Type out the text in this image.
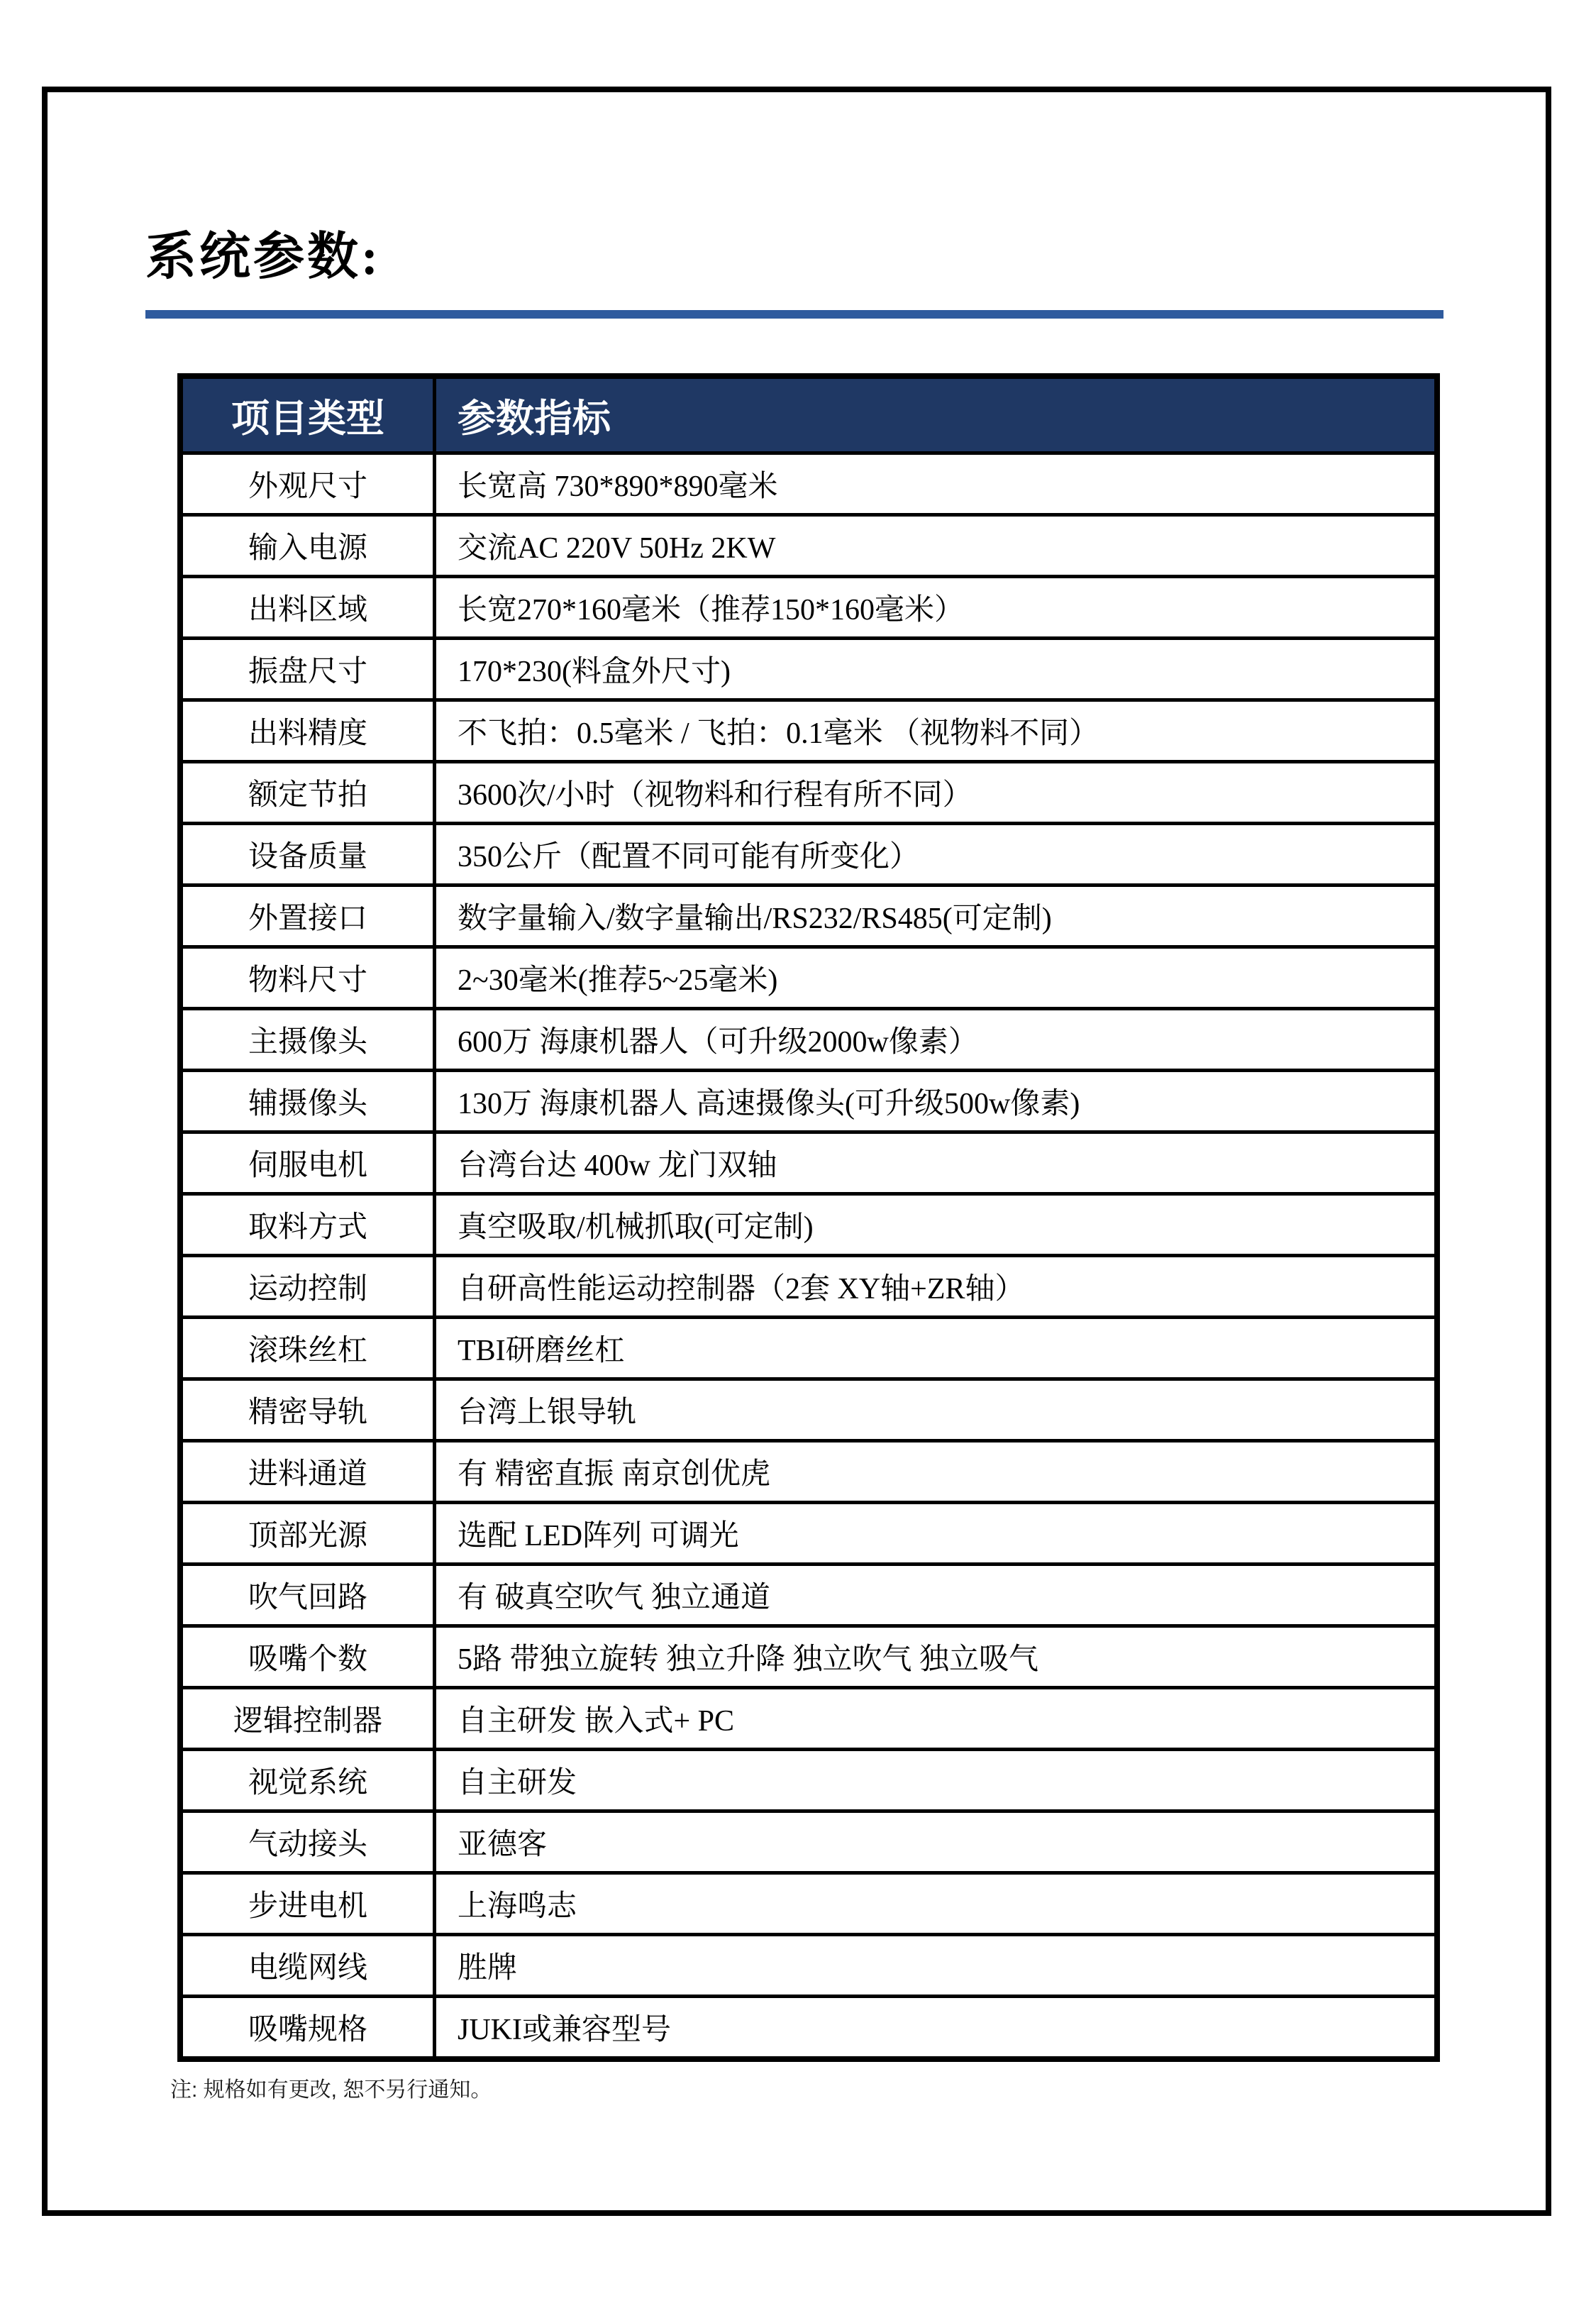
系统参数:
项目类型	参数指标
外观尺寸	长宽高 730*890*890毫米
输入电源	交流AC 220V 50Hz 2KW
出料区域	长宽270*160毫米（推荐150*160毫米）
振盘尺寸	170*230(料盒外尺寸)
出料精度	不飞拍：0.5毫米 / 飞拍：0.1毫米 （视物料不同）
额定节拍	3600次/小时（视物料和行程有所不同）
设备质量	350公斤（配置不同可能有所变化）
外置接口	数字量输入/数字量输出/RS232/RS485(可定制)
物料尺寸	2~30毫米(推荐5~25毫米)
主摄像头	600万 海康机器人（可升级2000w像素）
辅摄像头	130万 海康机器人 高速摄像头(可升级500w像素)
伺服电机	台湾台达 400w 龙门双轴
取料方式	真空吸取/机械抓取(可定制)
运动控制	自研高性能运动控制器（2套 XY轴+ZR轴）
滚珠丝杠	TBI研磨丝杠
精密导轨	台湾上银导轨
进料通道	有 精密直振 南京创优虎
顶部光源	选配 LED阵列 可调光
吹气回路	有 破真空吹气 独立通道
吸嘴个数	5路 带独立旋转 独立升降 独立吹气 独立吸气
逻辑控制器	自主研发 嵌入式+ PC
视觉系统	自主研发
气动接头	亚德客
步进电机	上海鸣志
电缆网线	胜牌
吸嘴规格	JUKI或兼容型号

注: 规格如有更改, 恕不另行通知。
